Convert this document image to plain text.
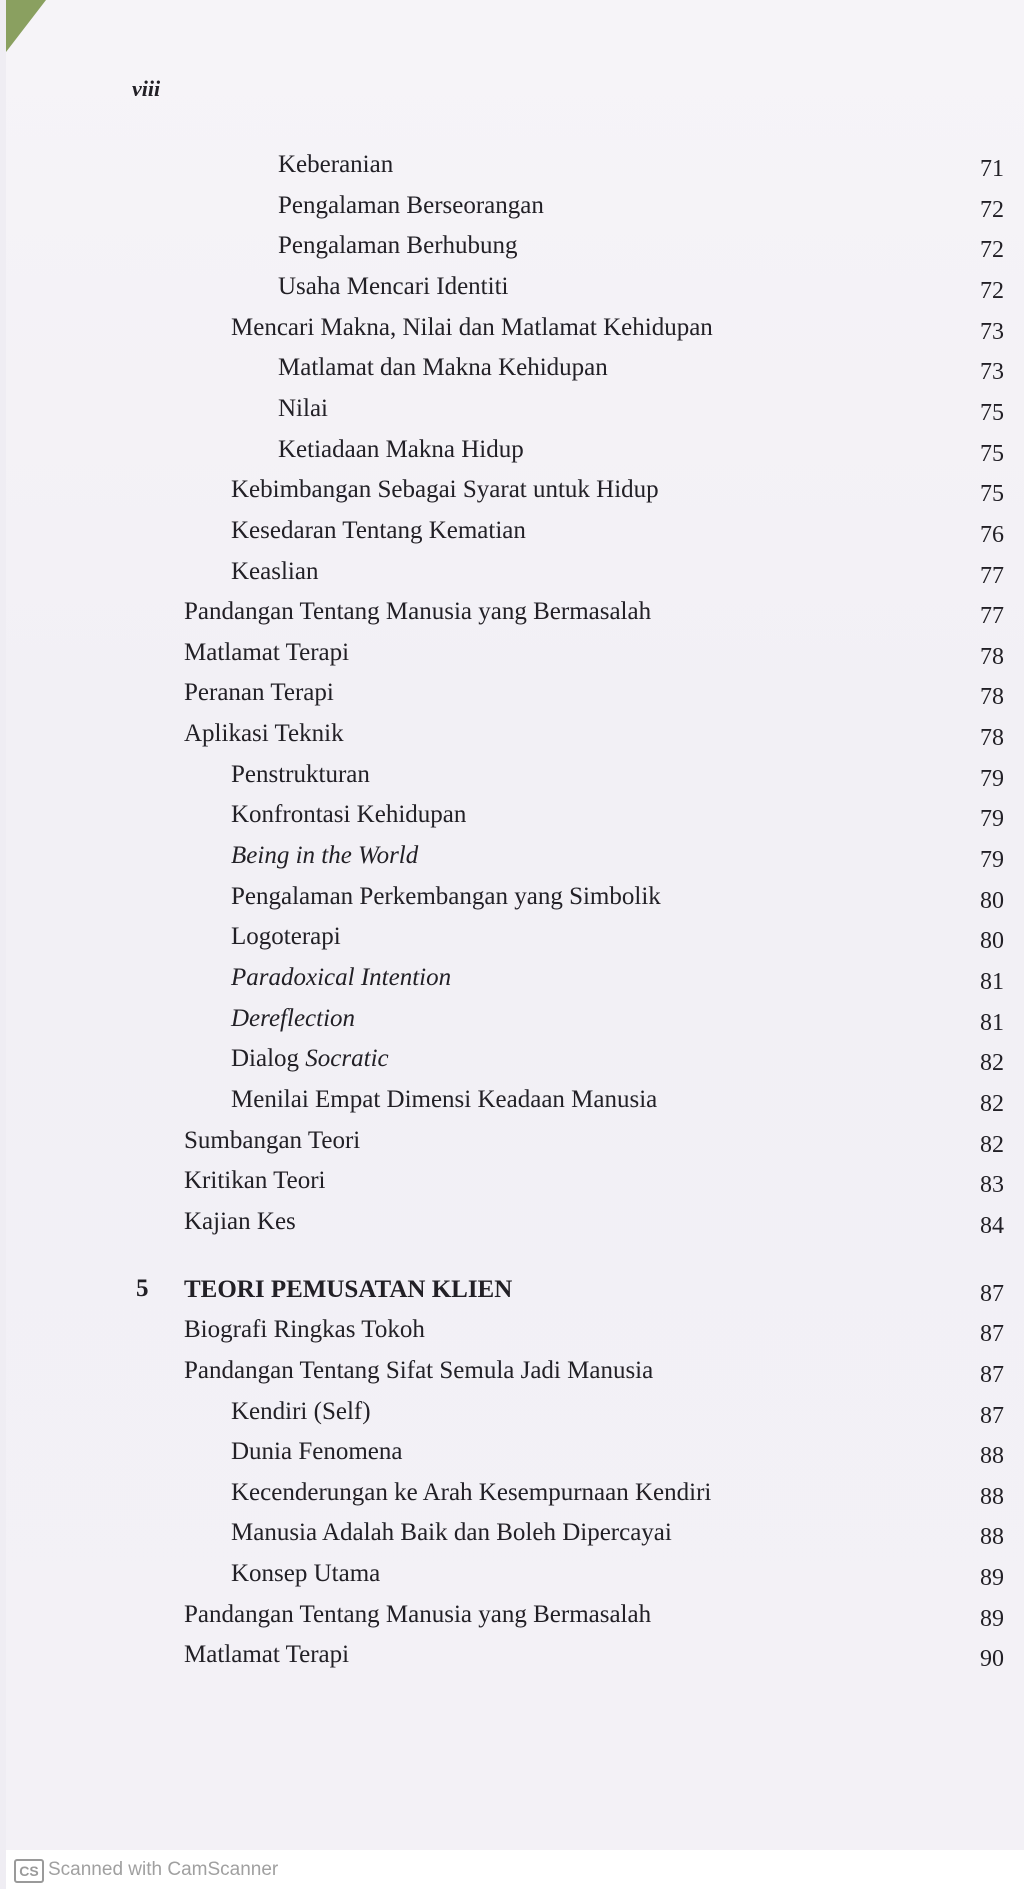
viii
Keberanian	71
Pengalaman Berseorangan	72
Pengalaman Berhubung	72
Usaha Mencari Identiti	72
Mencari Makna, Nilai dan Matlamat Kehidupan	73
Matlamat dan Makna Kehidupan	73
Nilai	75
Ketiadaan Makna Hidup	75
Kebimbangan Sebagai Syarat untuk Hidup	75
Kesedaran Tentang Kematian	76
Keaslian	77
Pandangan Tentang Manusia yang Bermasalah	77
Matlamat Terapi	78
Peranan Terapi	78
Aplikasi Teknik	78
Penstrukturan	79
Konfrontasi Kehidupan	79
Being in the World	79
Pengalaman Perkembangan yang Simbolik	80
Logoterapi	80
Paradoxical Intention	81
Dereflection	81
Dialog Socratic	82
Menilai Empat Dimensi Keadaan Manusia	82
Sumbangan Teori	82
Kritikan Teori	83
Kajian Kes	84
5 TEORI PEMUSATAN KLIEN	87
Biografi Ringkas Tokoh	87
Pandangan Tentang Sifat Semula Jadi Manusia	87
Kendiri (Self)	87
Dunia Fenomena	88
Kecenderungan ke Arah Kesempurnaan Kendiri	88
Manusia Adalah Baik dan Boleh Dipercayai	88
Konsep Utama	89
Pandangan Tentang Manusia yang Bermasalah	89
Matlamat Terapi	90
CS Scanned with CamScanner
